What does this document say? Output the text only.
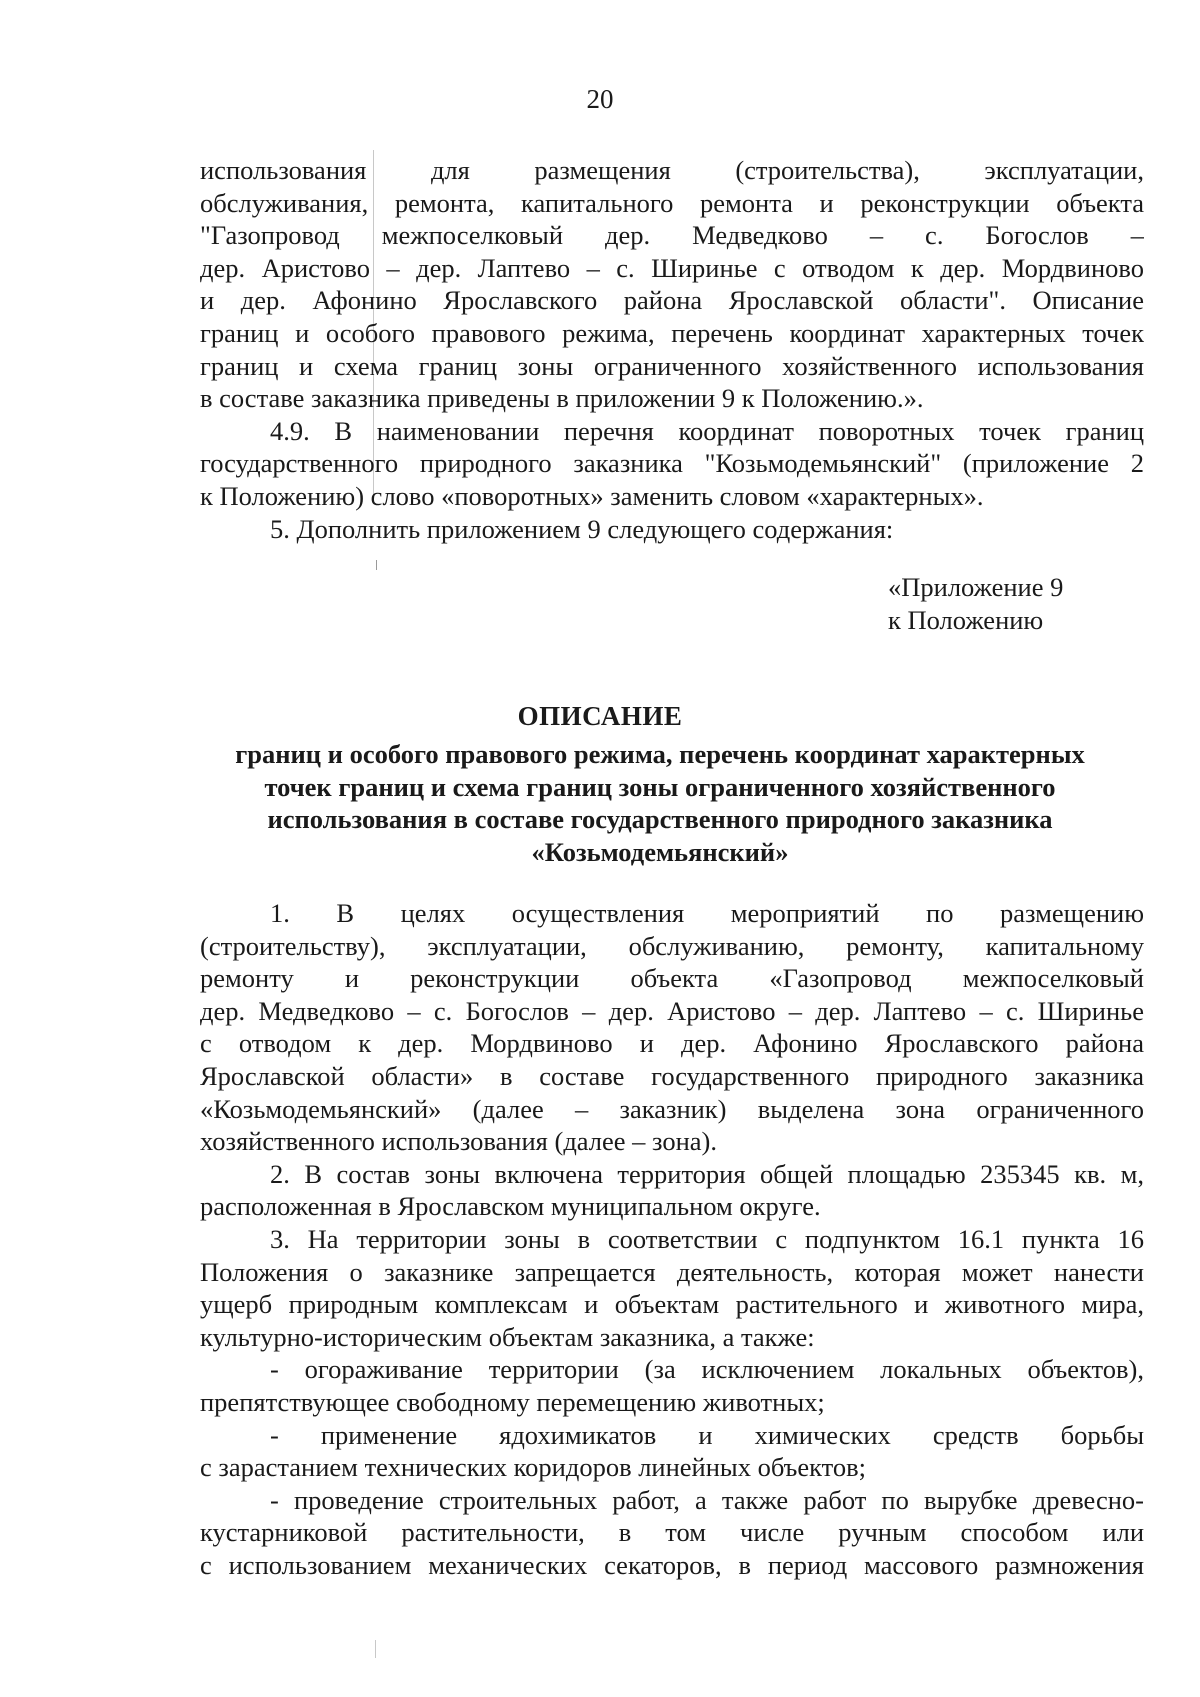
20
использования для размещения (строительства), эксплуатации,
обслуживания, ремонта, капитального ремонта и реконструкции объекта
"Газопровод межпоселковый дер. Медведково – с. Богослов –
дер. Аристово – дер. Лаптево – с. Ширинье с отводом к дер. Мордвиново
и дер. Афонино Ярославского района Ярославской области". Описание
границ и особого правового режима, перечень координат характерных точек
границ и схема границ зоны ограниченного хозяйственного использования
в составе заказника приведены в приложении 9 к Положению.».
4.9. В наименовании перечня координат поворотных точек границ
государственного природного заказника "Козьмодемьянский" (приложение 2
к Положению) слово «поворотных» заменить словом «характерных».
5. Дополнить приложением 9 следующего содержания:
«Приложение 9
к Положению
ОПИСАНИЕ
границ и особого правового режима, перечень координат характерных
точек границ и схема границ зоны ограниченного хозяйственного
использования в составе государственного природного заказника
«Козьмодемьянский»
1. В целях осуществления мероприятий по размещению
(строительству), эксплуатации, обслуживанию, ремонту, капитальному
ремонту и реконструкции объекта «Газопровод межпоселковый
дер. Медведково – с. Богослов – дер. Аристово – дер. Лаптево – с. Ширинье
с отводом к дер. Мордвиново и дер. Афонино Ярославского района
Ярославской области» в составе государственного природного заказника
«Козьмодемьянский» (далее – заказник) выделена зона ограниченного
хозяйственного использования (далее – зона).
2. В состав зоны включена территория общей площадью 235345 кв. м,
расположенная в Ярославском муниципальном округе.
3. На территории зоны в соответствии с подпунктом 16.1 пункта 16
Положения о заказнике запрещается деятельность, которая может нанести
ущерб природным комплексам и объектам растительного и животного мира,
культурно-историческим объектам заказника, а также:
- огораживание территории (за исключением локальных объектов),
препятствующее свободному перемещению животных;
- применение ядохимикатов и химических средств борьбы
с зарастанием технических коридоров линейных объектов;
- проведение строительных работ, а также работ по вырубке древесно-
кустарниковой растительности, в том числе ручным способом или
с использованием механических секаторов, в период массового размножения
